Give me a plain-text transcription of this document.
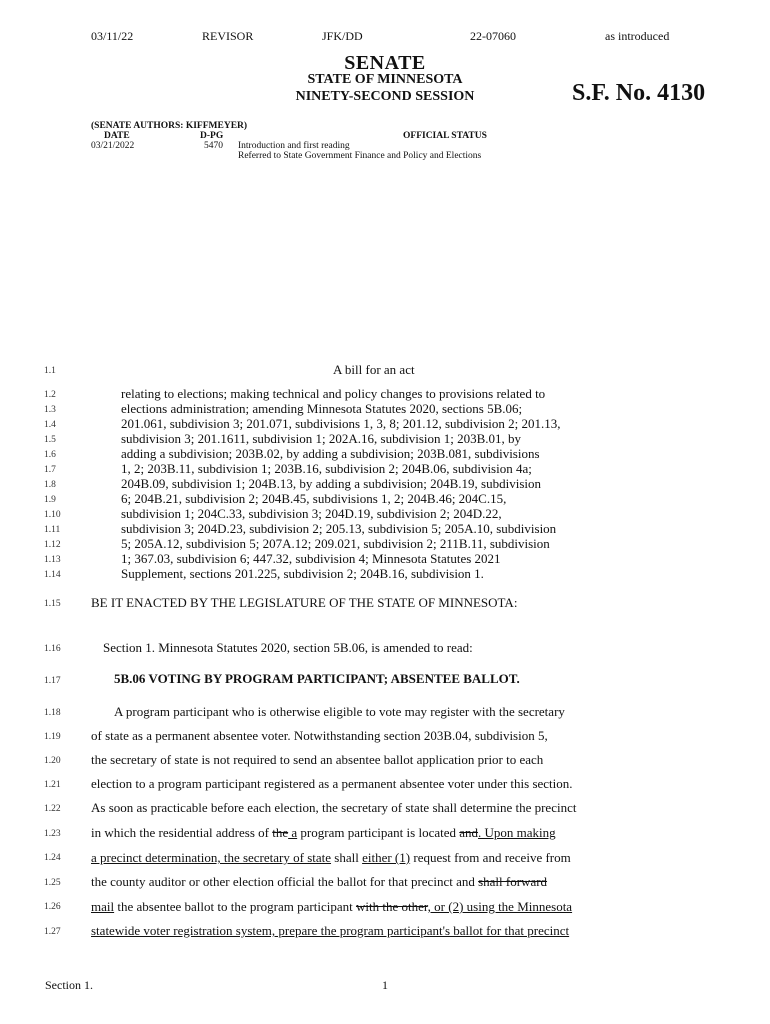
03/11/22	REVISOR	JFK/DD	22-07060	as introduced
SENATE
STATE OF MINNESOTA
NINETY-SECOND SESSION	S.F. No. 4130
(SENATE AUTHORS: KIFFMEYER)
DATE	D-PG	OFFICIAL STATUS
03/21/2022	5470 Introduction and first reading
Referred to State Government Finance and Policy and Elections
1.1
1.2
1.3
1.4
1.5
1.6
1.7
1.8
1.9
1.10
1.11
1.12
1.13
1.14
1.15
1.16
1.17
1.18
1.19
1.20
1.21
1.22
1.23
1.24
1.25
1.26
1.27
A bill for an act
relating to elections; making technical and policy changes to provisions related to
elections administration; amending Minnesota Statutes 2020, sections 5B.06;
201.061, subdivision 3; 201.071, subdivisions 1, 3, 8; 201.12, subdivision 2; 201.13,
subdivision 3; 201.1611, subdivision 1; 202A.16, subdivision 1; 203B.01, by
adding a subdivision; 203B.02, by adding a subdivision; 203B.081, subdivisions
1, 2; 203B.11, subdivision 1; 203B.16, subdivision 2; 204B.06, subdivision 4a;
204B.09, subdivision 1; 204B.13, by adding a subdivision; 204B.19, subdivision
6; 204B.21, subdivision 2; 204B.45, subdivisions 1, 2; 204B.46; 204C.15,
subdivision 1; 204C.33, subdivision 3; 204D.19, subdivision 2; 204D.22,
subdivision 3; 204D.23, subdivision 2; 205.13, subdivision 5; 205A.10, subdivision
5; 205A.12, subdivision 5; 207A.12; 209.021, subdivision 2; 211B.11, subdivision
1; 367.03, subdivision 6; 447.32, subdivision 4; Minnesota Statutes 2021
Supplement, sections 201.225, subdivision 2; 204B.16, subdivision 1.
BE IT ENACTED BY THE LEGISLATURE OF THE STATE OF MINNESOTA:
Section 1. Minnesota Statutes 2020, section 5B.06, is amended to read:
5B.06 VOTING BY PROGRAM PARTICIPANT; ABSENTEE BALLOT.
A program participant who is otherwise eligible to vote may register with the secretary
of state as a permanent absentee voter. Notwithstanding section 203B.04, subdivision 5,
the secretary of state is not required to send an absentee ballot application prior to each
election to a program participant registered as a permanent absentee voter under this section.
As soon as practicable before each election, the secretary of state shall determine the precinct
in which the residential address of the a program participant is located and. Upon making
a precinct determination, the secretary of state shall either (1) request from and receive from
the county auditor or other election official the ballot for that precinct and shall forward
mail the absentee ballot to the program participant with the other, or (2) using the Minnesota
statewide voter registration system, prepare the program participant's ballot for that precinct
Section 1.	1
